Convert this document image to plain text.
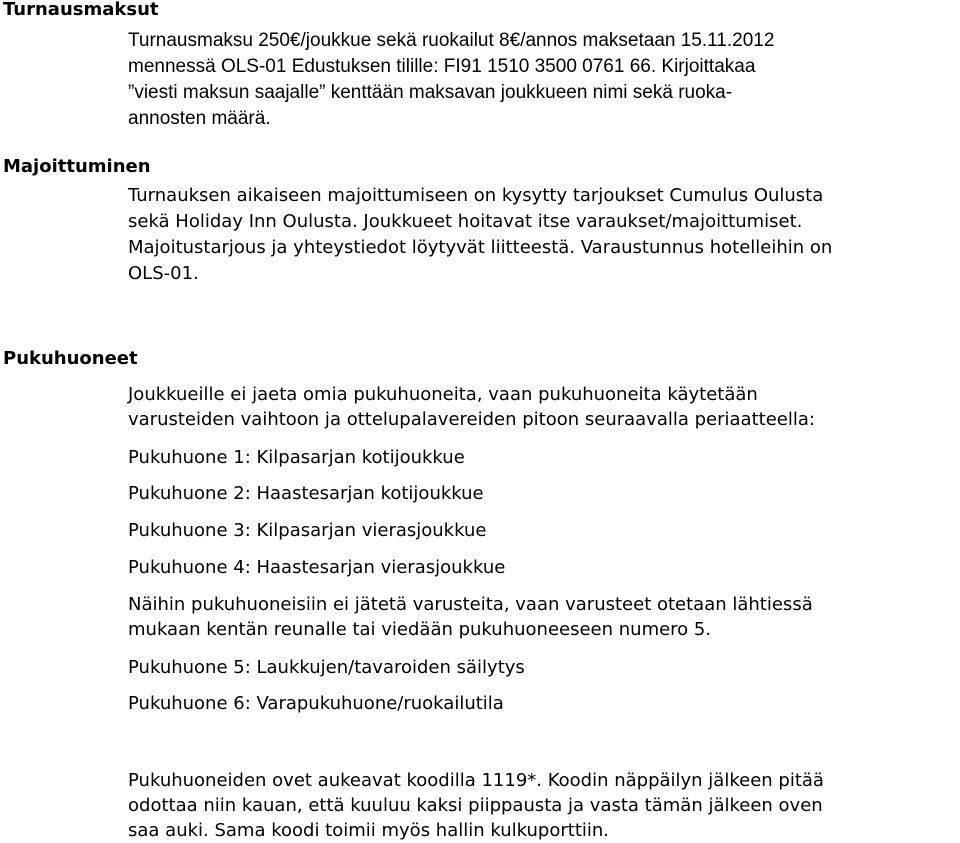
Turnausmaksut
Turnausmaksu 250€/joukkue sekä ruokailut 8€/annos maksetaan 15.11.2012
mennessä OLS-01 Edustuksen tilille: FI91 1510 3500 0761 66. Kirjoittakaa
”viesti maksun saajalle” kenttään maksavan joukkueen nimi sekä ruoka-
annosten määrä.
Majoittuminen
Turnauksen aikaiseen majoittumiseen on kysytty tarjoukset Cumulus Oulusta
sekä Holiday Inn Oulusta. Joukkueet hoitavat itse varaukset/majoittumiset.
Majoitustarjous ja yhteystiedot löytyvät liitteestä. Varaustunnus hotelleihin on
OLS-01.
Pukuhuoneet
Joukkueille ei jaeta omia pukuhuoneita, vaan pukuhuoneita käytetään
varusteiden vaihtoon ja ottelupalavereiden pitoon seuraavalla periaatteella:

Pukuhuone 1: Kilpasarjan kotijoukkue

Pukuhuone 2: Haastesarjan kotijoukkue

Pukuhuone 3: Kilpasarjan vierasjoukkue

Pukuhuone 4: Haastesarjan vierasjoukkue

Näihin pukuhuoneisiin ei jätetä varusteita, vaan varusteet otetaan lähtiessä
mukaan kentän reunalle tai viedään pukuhuoneeseen numero 5.

Pukuhuone 5: Laukkujen/tavaroiden säilytys

Pukuhuone 6: Varapukuhuone/ruokailutila

Pukuhuoneiden ovet aukeavat koodilla 1119*. Koodin näppäilyn jälkeen pitää
odottaa niin kauan, että kuuluu kaksi piippausta ja vasta tämän jälkeen oven
saa auki. Sama koodi toimii myös hallin kulkuporttiin.
